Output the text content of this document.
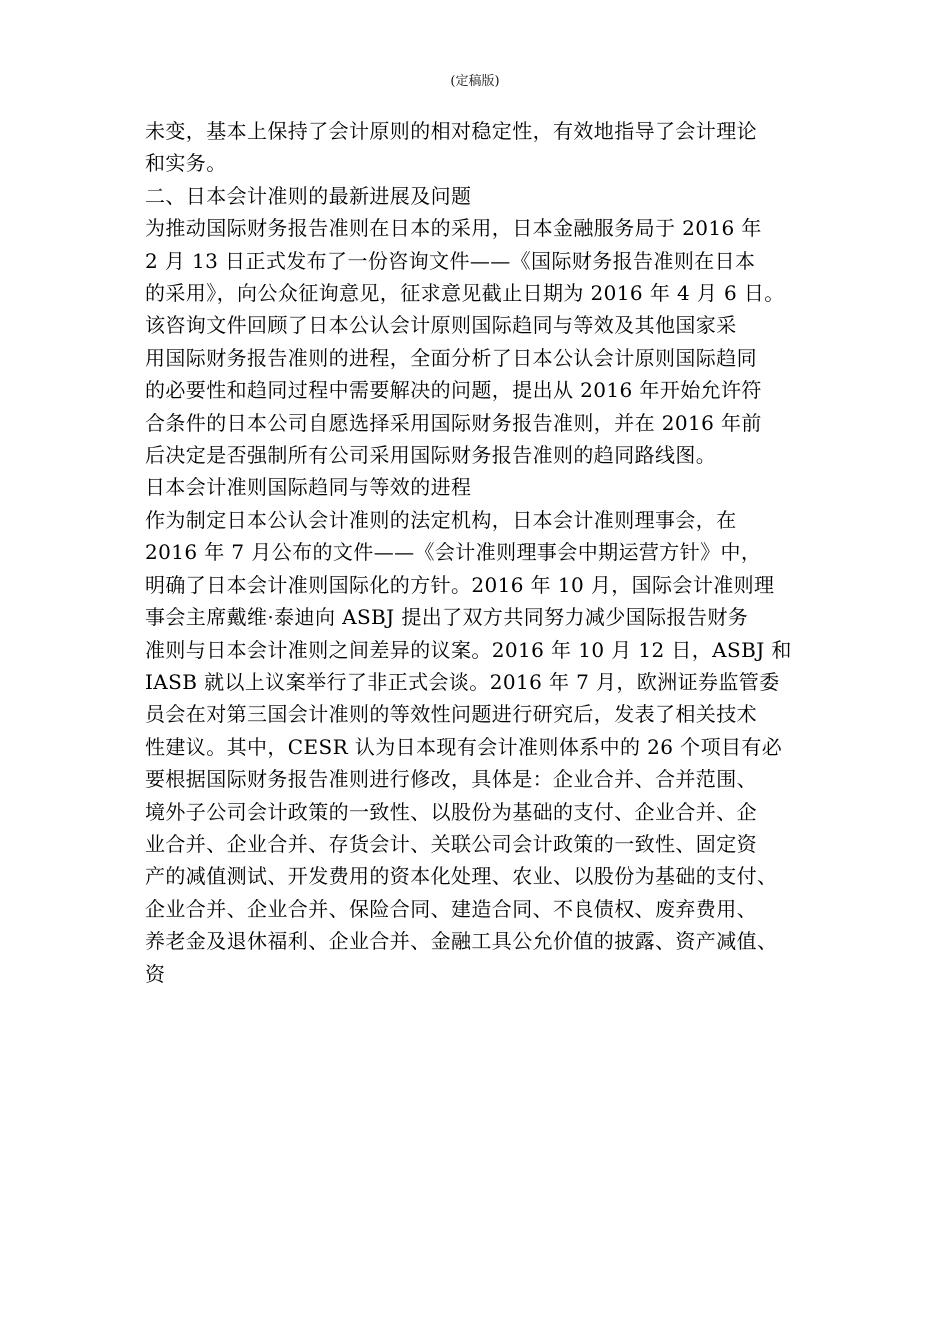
(定稿版)
未变，基本上保持了会计原则的相对稳定性，有效地指导了会计理论
和实务。
二、日本会计准则的最新进展及问题
为推动国际财务报告准则在日本的采用，日本金融服务局于 2016 年
2 月 13 日正式发布了一份咨询文件——《国际财务报告准则在日本
的采用》，向公众征询意见，征求意见截止日期为 2016 年 4 月 6 日。
该咨询文件回顾了日本公认会计原则国际趋同与等效及其他国家采
用国际财务报告准则的进程，全面分析了日本公认会计原则国际趋同
的必要性和趋同过程中需要解决的问题，提出从 2016 年开始允许符
合条件的日本公司自愿选择采用国际财务报告准则，并在 2016 年前
后决定是否强制所有公司采用国际财务报告准则的趋同路线图。
日本会计准则国际趋同与等效的进程
作为制定日本公认会计准则的法定机构，日本会计准则理事会，在
2016 年 7 月公布的文件——《会计准则理事会中期运营方针》中，
明确了日本会计准则国际化的方针。2016 年 10 月，国际会计准则理
事会主席戴维·泰迪向 ASBJ 提出了双方共同努力减少国际报告财务
准则与日本会计准则之间差异的议案。2016 年 10 月 12 日，ASBJ 和
IASB 就以上议案举行了非正式会谈。2016 年 7 月，欧洲证券监管委
员会在对第三国会计准则的等效性问题进行研究后，发表了相关技术
性建议。其中，CESR 认为日本现有会计准则体系中的 26 个项目有必
要根据国际财务报告准则进行修改，具体是：企业合并、合并范围、
境外子公司会计政策的一致性、以股份为基础的支付、企业合并、企
业合并、企业合并、存货会计、关联公司会计政策的一致性、固定资
产的减值测试、开发费用的资本化处理、农业、以股份为基础的支付、
企业合并、企业合并、保险合同、建造合同、不良债权、废弃费用、
养老金及退休福利、企业合并、金融工具公允价值的披露、资产减值、
资
